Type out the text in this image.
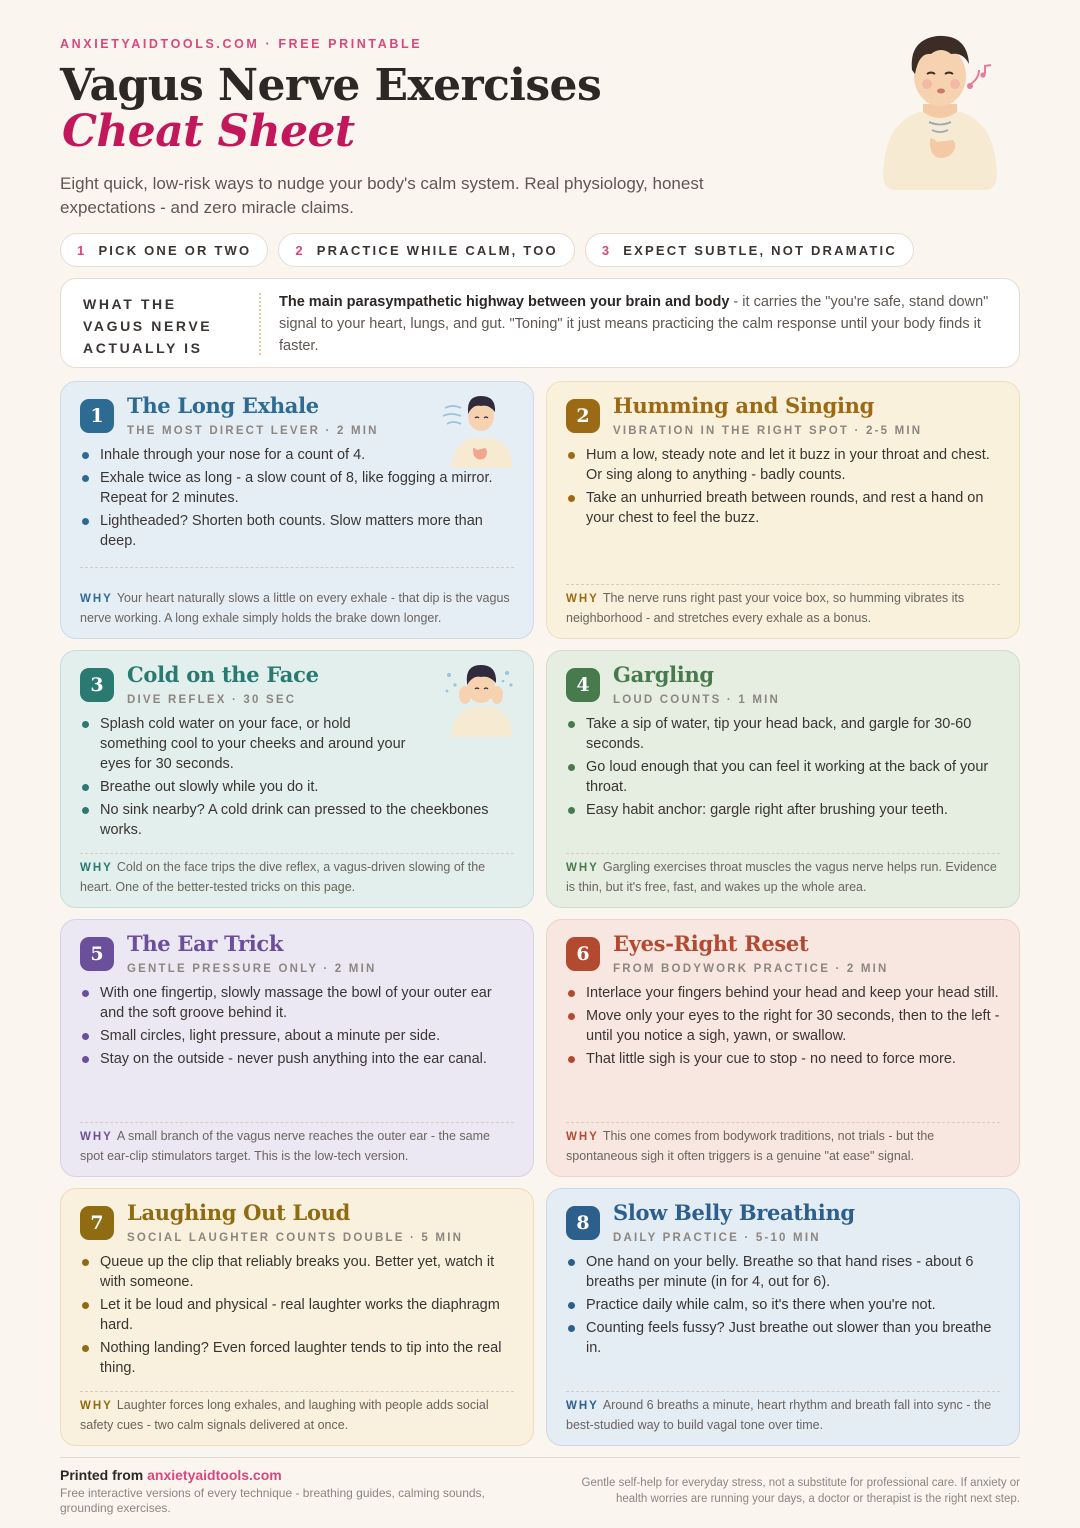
ANXIETYAIDTOOLS.COM · FREE PRINTABLE
Vagus Nerve Exercises
Cheat Sheet
Eight quick, low-risk ways to nudge your body's calm system. Real physiology, honest expectations - and zero miracle claims.
1 PICK ONE OR TWO	2 PRACTICE WHILE CALM, TOO	3 EXPECT SUBTLE, NOT DRAMATIC
WHAT THE VAGUS NERVE ACTUALLY IS
The main parasympathetic highway between your brain and body - it carries the "you're safe, stand down" signal to your heart, lungs, and gut. "Toning" it just means practicing the calm response until your body finds it faster.
1	The Long Exhale
THE MOST DIRECT LEVER · 2 MIN
Inhale through your nose for a count of 4.
Exhale twice as long - a slow count of 8, like fogging a mirror. Repeat for 2 minutes.
Lightheaded? Shorten both counts. Slow matters more than deep.
WHY Your heart naturally slows a little on every exhale - that dip is the vagus nerve working. A long exhale simply holds the brake down longer.
2	Humming and Singing
VIBRATION IN THE RIGHT SPOT · 2-5 MIN
Hum a low, steady note and let it buzz in your throat and chest. Or sing along to anything - badly counts.
Take an unhurried breath between rounds, and rest a hand on your chest to feel the buzz.
WHY The nerve runs right past your voice box, so humming vibrates its neighborhood - and stretches every exhale as a bonus.
3	Cold on the Face
DIVE REFLEX · 30 SEC
Splash cold water on your face, or hold something cool to your cheeks and around your eyes for 30 seconds.
Breathe out slowly while you do it.
No sink nearby? A cold drink can pressed to the cheekbones works.
WHY Cold on the face trips the dive reflex, a vagus-driven slowing of the heart. One of the better-tested tricks on this page.
4	Gargling
LOUD COUNTS · 1 MIN
Take a sip of water, tip your head back, and gargle for 30-60 seconds.
Go loud enough that you can feel it working at the back of your throat.
Easy habit anchor: gargle right after brushing your teeth.
WHY Gargling exercises throat muscles the vagus nerve helps run. Evidence is thin, but it's free, fast, and wakes up the whole area.
5	The Ear Trick
GENTLE PRESSURE ONLY · 2 MIN
With one fingertip, slowly massage the bowl of your outer ear and the soft groove behind it.
Small circles, light pressure, about a minute per side.
Stay on the outside - never push anything into the ear canal.
WHY A small branch of the vagus nerve reaches the outer ear - the same spot ear-clip stimulators target. This is the low-tech version.
6	Eyes-Right Reset
FROM BODYWORK PRACTICE · 2 MIN
Interlace your fingers behind your head and keep your head still.
Move only your eyes to the right for 30 seconds, then to the left - until you notice a sigh, yawn, or swallow.
That little sigh is your cue to stop - no need to force more.
WHY This one comes from bodywork traditions, not trials - but the spontaneous sigh it often triggers is a genuine "at ease" signal.
7	Laughing Out Loud
SOCIAL LAUGHTER COUNTS DOUBLE · 5 MIN
Queue up the clip that reliably breaks you. Better yet, watch it with someone.
Let it be loud and physical - real laughter works the diaphragm hard.
Nothing landing? Even forced laughter tends to tip into the real thing.
WHY Laughter forces long exhales, and laughing with people adds social safety cues - two calm signals delivered at once.
8	Slow Belly Breathing
DAILY PRACTICE · 5-10 MIN
One hand on your belly. Breathe so that hand rises - about 6 breaths per minute (in for 4, out for 6).
Practice daily while calm, so it's there when you're not.
Counting feels fussy? Just breathe out slower than you breathe in.
WHY Around 6 breaths a minute, heart rhythm and breath fall into sync - the best-studied way to build vagal tone over time.
Printed from anxietyaidtools.com
Free interactive versions of every technique - breathing guides, calming sounds, grounding exercises.
Gentle self-help for everyday stress, not a substitute for professional care. If anxiety or health worries are running your days, a doctor or therapist is the right next step.
